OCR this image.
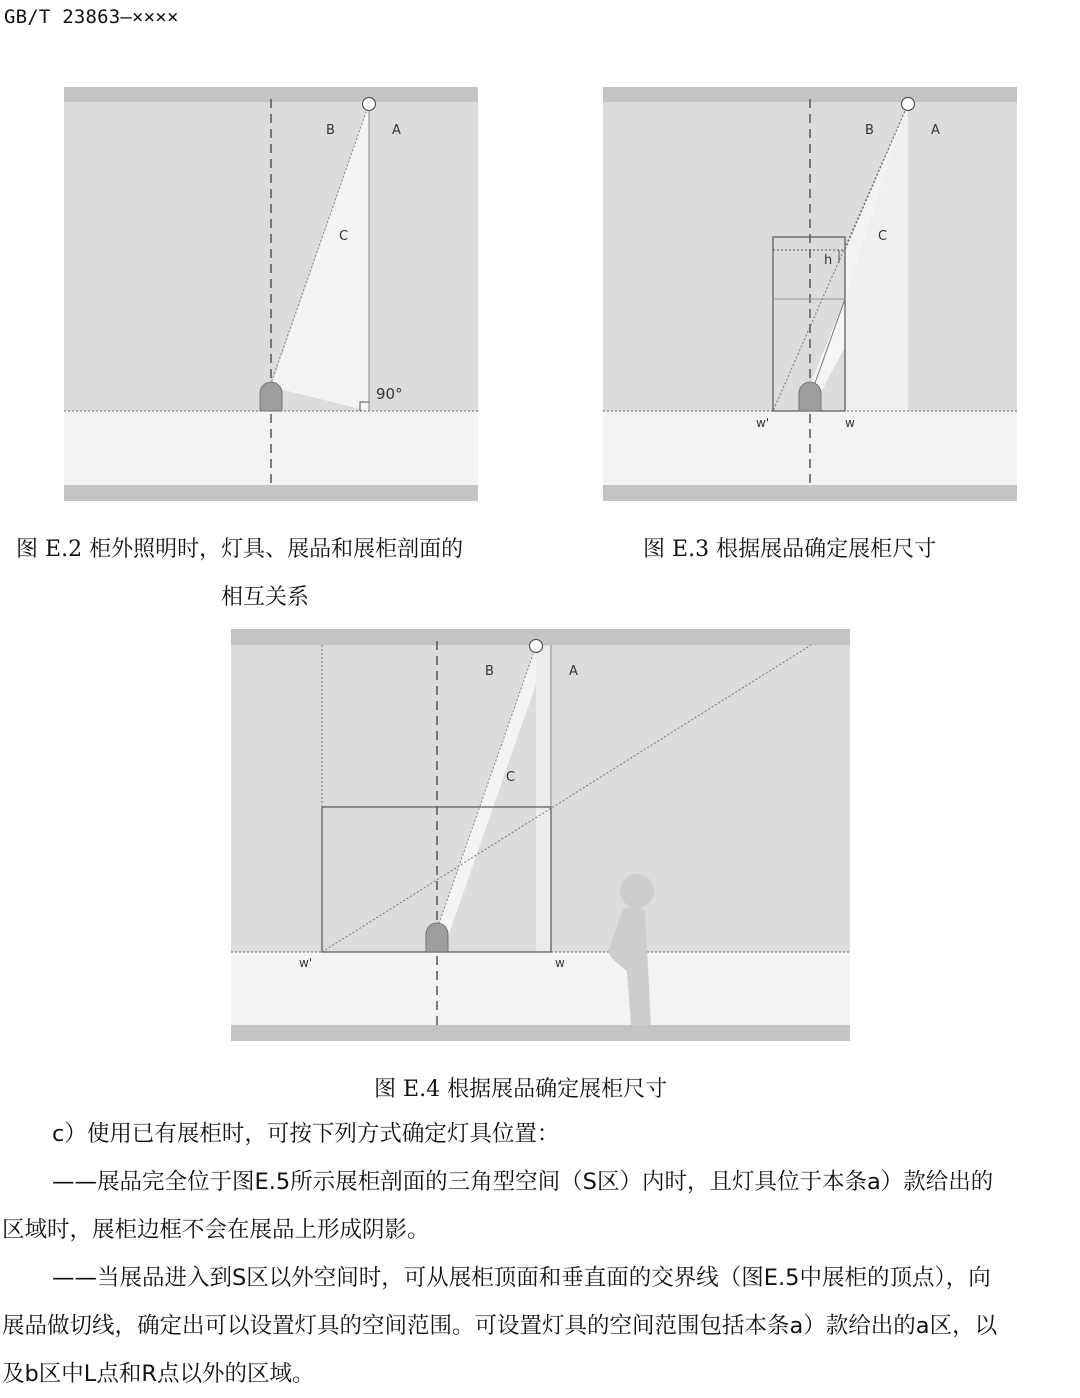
GB/T 23863—××××
B	A
C
90°
B	A
C
h
w'	w
图 E.2 柜外照明时，灯具、展品和展柜剖面的
相互关系
图 E.3 根据展品确定展柜尺寸
B	A
C
w'	w
图 E.4 根据展品确定展柜尺寸

c）使用已有展柜时，可按下列方式确定灯具位置：

——展品完全位于图E.5所示展柜剖面的三角型空间（S区）内时，且灯具位于本条a）款给出的

区域时，展柜边框不会在展品上形成阴影。

——当展品进入到S区以外空间时，可从展柜顶面和垂直面的交界线（图E.5中展柜的顶点），向

展品做切线，确定出可以设置灯具的空间范围。可设置灯具的空间范围包括本条a）款给出的a区，以

及b区中L点和R点以外的区域。
